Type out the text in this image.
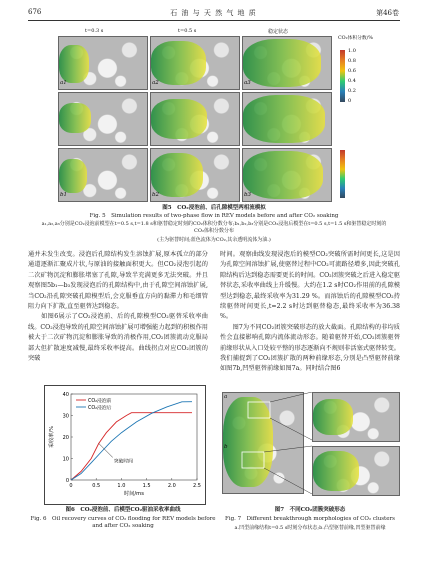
676	石 油 与 天 然 气 地 质	第46卷
t=0.3 s	t=0.5 s	稳定状态
a1	a2	a3
b1	b2	b3
CO₂体积分数/%
1.0
0.8
0.6
0.4
0.2
0
图5　CO₂浸泡前、后孔隙模型两相流模拟
Fig. 5　Simulation results of two-phase flow in REV models before and after CO₂ soaking
a₁,a₂,a₃分别是CO₂浸泡前模型在t=0.5 s,t=1.8 s和驱替稳定时刻的CO₂体积分数分布;b₁,b₂,b₃分别是CO₂浸泡后模型在t=0.5 s,t=1.5 s和驱替稳定时刻的CO₂体积分数分布
(主为驱替时间;蓝色流体为CO₂,其余透明流体为油.)
通并未发生改变。浸泡后孔隙结构发生溶蚀扩展,原本孤立的部分通道逐渐汇聚成片状,与原油的接触面积更大。但CO₂浸泡引起的二次矿物沉淀和膨胀堵塞了孔隙,导致半充满更多无法突破。并且观察图5b₁—b₃发现浸泡后的孔隙结构中,由于孔隙空间溶蚀扩展,当CO₂沿孔隙突破孔隙模型后,会克服垂直方向的黏滞力和毛细管阻力向下扩散,直至驱替达到稳态。
　　如图6展示了CO₂浸泡前、后的孔隙模型CO₂驱替采收率曲线。CO₂浸泡导致的孔隙空间溶蚀扩展可增强能力起到的积极作用被大于二次矿物沉淀和膨胀导致的消极作用,CO₂团簇流动克服局部大但扩散速度减慢,最终采收率提高。曲线拐点对应CO₂团簇的突破
时间。观察曲线发现浸泡后的模型CO₂突破所需时间更长,这是因为孔隙空间溶蚀扩展,使驱替过程中CO₂可流路径增多,因此突破孔隙结构后达到稳态需要更长的时间。CO₂团簇突破之后进入稳定驱替状态,采收率曲线上升缓慢。大约在1.2 s时CO₂作用前的孔隙模型达到稳态,最终采收率为31.29 %。而溶蚀后的孔隙模型CO₂持续驱替时间更长,t=2.2 s时达到驱替稳态,最终采收率为36.38 %。
　　图7为不同CO₂团簇突破形态的放大截面。孔隙结构的非均质性会直接影响孔隙内流体流动形态。随着驱替开始,CO₂团簇驱替前缘形状从入口处较平整的形态逐渐向不规则非活塞式驱替转变。我们捕捉到了CO₂团簇扩散的两种前缘形态,分别是凸型驱替前缘如图7b,凹型驱替前缘如图7a。同时结合图6
0	0.5	1.0	1.5	2.0	2.5
0
10
20
30
40
时间/ms
采收率/%
CO₂浸泡前
CO₂浸泡后
突破时间
图6　CO₂浸泡前、后模型CO₂驱油采收率曲线
Fig. 6　Oil recovery curves of CO₂ flooding for REV models before and after CO₂ soaking
a
b
图7　不同CO₂团簇突破形态
Fig. 7　Different breakthrough morphologies of CO₂ clusters
a.凹型前缘结构t=0.5 s时刻分布状态;b.凸型驱替前缘,凹型驱替前缘
